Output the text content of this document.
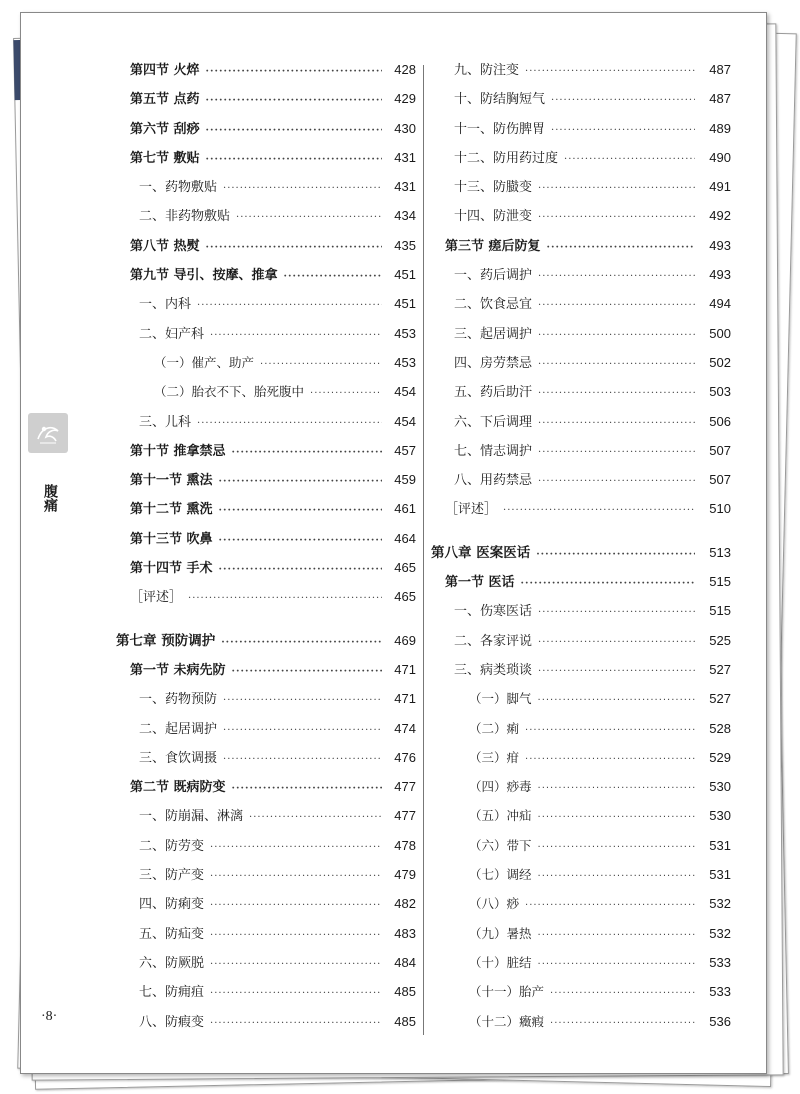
腹痛
第四节 火焠 ·····	428
第五节 点药 ·····	429
第六节 刮痧 ·····	430
第七节 敷贴 ·····	431
一、药物敷贴 ·····	431
二、非药物敷贴 ·····	434
第八节 热熨 ·····	435
第九节 导引、按摩、推拿 ·····	451
一、内科 ·····	451
二、妇产科 ·····	453
（一）催产、助产 ·····	453
（二）胎衣不下、胎死腹中 ·····	454
三、儿科 ·····	454
第十节 推拿禁忌 ·····	457
第十一节 熏法 ·····	459
第十二节 熏洗 ·····	461
第十三节 吹鼻 ·····	464
第十四节 手术 ·····	465
［评述］ ·····	465
第七章 预防调护 ·····	469
第一节 未病先防 ·····	471
一、药物预防 ·····	471
二、起居调护 ·····	474
三、食饮调摄 ·····	476
第二节 既病防变 ·····	477
一、防崩漏、淋漓 ·····	477
二、防劳变 ·····	478
三、防产变 ·····	479
四、防痢变 ·····	482
五、防疝变 ·····	483
六、防厥脱 ·····	484
七、防痈疽 ·····	485
八、防瘕变 ·····	485
九、防注变 ·····	487
十、防结胸短气 ·····	487
十一、防伤脾胃 ·····	489
十二、防用药过度 ·····	490
十三、防臌变 ·····	491
十四、防泄变 ·····	492
第三节 瘥后防复 ·····	493
一、药后调护 ·····	493
二、饮食忌宜 ·····	494
三、起居调护 ·····	500
四、房劳禁忌 ·····	502
五、药后助汗 ·····	503
六、下后调理 ·····	506
七、情志调护 ·····	507
八、用药禁忌 ·····	507
［评述］ ·····	510
第八章 医案医话 ·····	513
第一节 医话 ·····	515
一、伤寒医话 ·····	515
二、各家评说 ·····	525
三、病类琐谈 ·····	527
（一）脚气 ·····	527
（二）痢 ·····	528
（三）疳 ·····	529
（四）痧毒 ·····	530
（五）冲疝 ·····	530
（六）带下 ·····	531
（七）调经 ·····	531
（八）痧 ·····	532
（九）暑热 ·····	532
（十）脏结 ·····	533
（十一）胎产 ·····	533
（十二）癥瘕 ·····	536
·8·
